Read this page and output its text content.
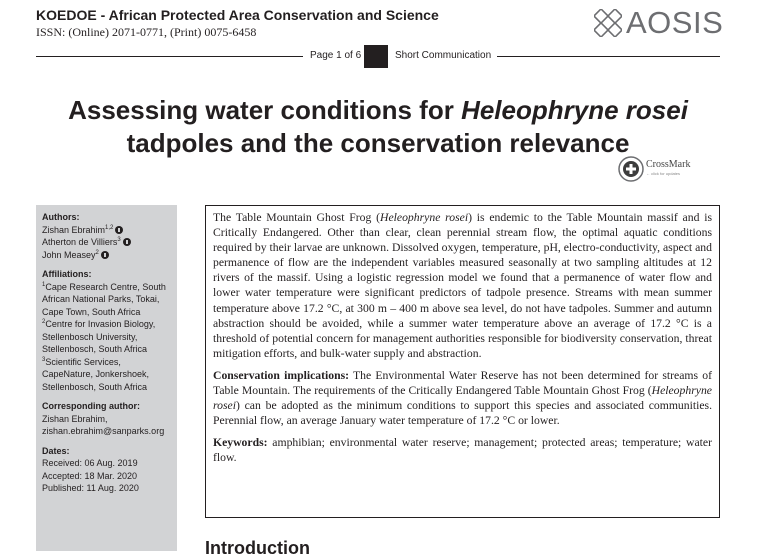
KOEDOE - African Protected Area Conservation and Science
ISSN: (Online) 2071-0771, (Print) 0075-6458	AOSIS
Page 1 of 6	Short Communication
Assessing water conditions for Heleophryne rosei
tadpoles and the conservation relevance
CrossMark
← click for updates
Authors:

Zishan Ebrahim$^{1,2}$

Atherton de Villiers$^3$

John Measey$^2$

Affiliations:

$^1$Cape Research Centre, South African National Parks, Tokai, Cape Town, South Africa

$^2$Centre for Invasion Biology, Stellenbosch University, Stellenbosch, South Africa

$^3$Scientific Services, CapeNature, Jonkershoek, Stellenbosch, South Africa

Corresponding author:

Zishan Ebrahim,

zishan.ebrahim@sanparks.org

Dates:

Received: 06 Aug. 2019

Accepted: 18 Mar. 2020

Published: 11 Aug. 2020

The Table Mountain Ghost Frog (Heleophryne rosei) is endemic to the Table Mountain massif and is Critically Endangered. Other than clear, clean perennial stream flow, the optimal aquatic conditions required by their larvae are unknown. Dissolved oxygen, temperature, pH, electro-conductivity, aspect and permanence of flow are the independent variables measured seasonally at two sampling altitudes at 12 rivers of the massif. Using a logistic regression model we found that a permanence of water flow and lower water temperature were significant predictors of tadpole presence. Streams with mean summer temperature above 17.2 °C, at 300 m – 400 m above sea level, do not have tadpoles. Summer and autumn abstraction should be avoided, while a summer water temperature above an average of 17.2 °C is a threshold of potential concern for management authorities responsible for biodiversity conservation, threat mitigation efforts, and bulk-water supply and abstraction.

Conservation implications: The Environmental Water Reserve has not been determined for streams of Table Mountain. The requirements of the Critically Endangered Table Mountain Ghost Frog (Heleophryne rosei) can be adopted as the minimum conditions to support this species and associated communities. Perennial flow, an average January water temperature of 17.2 °C or lower.

Keywords: amphibian; environmental water reserve; management; protected areas; temperature; water flow.

Introduction
